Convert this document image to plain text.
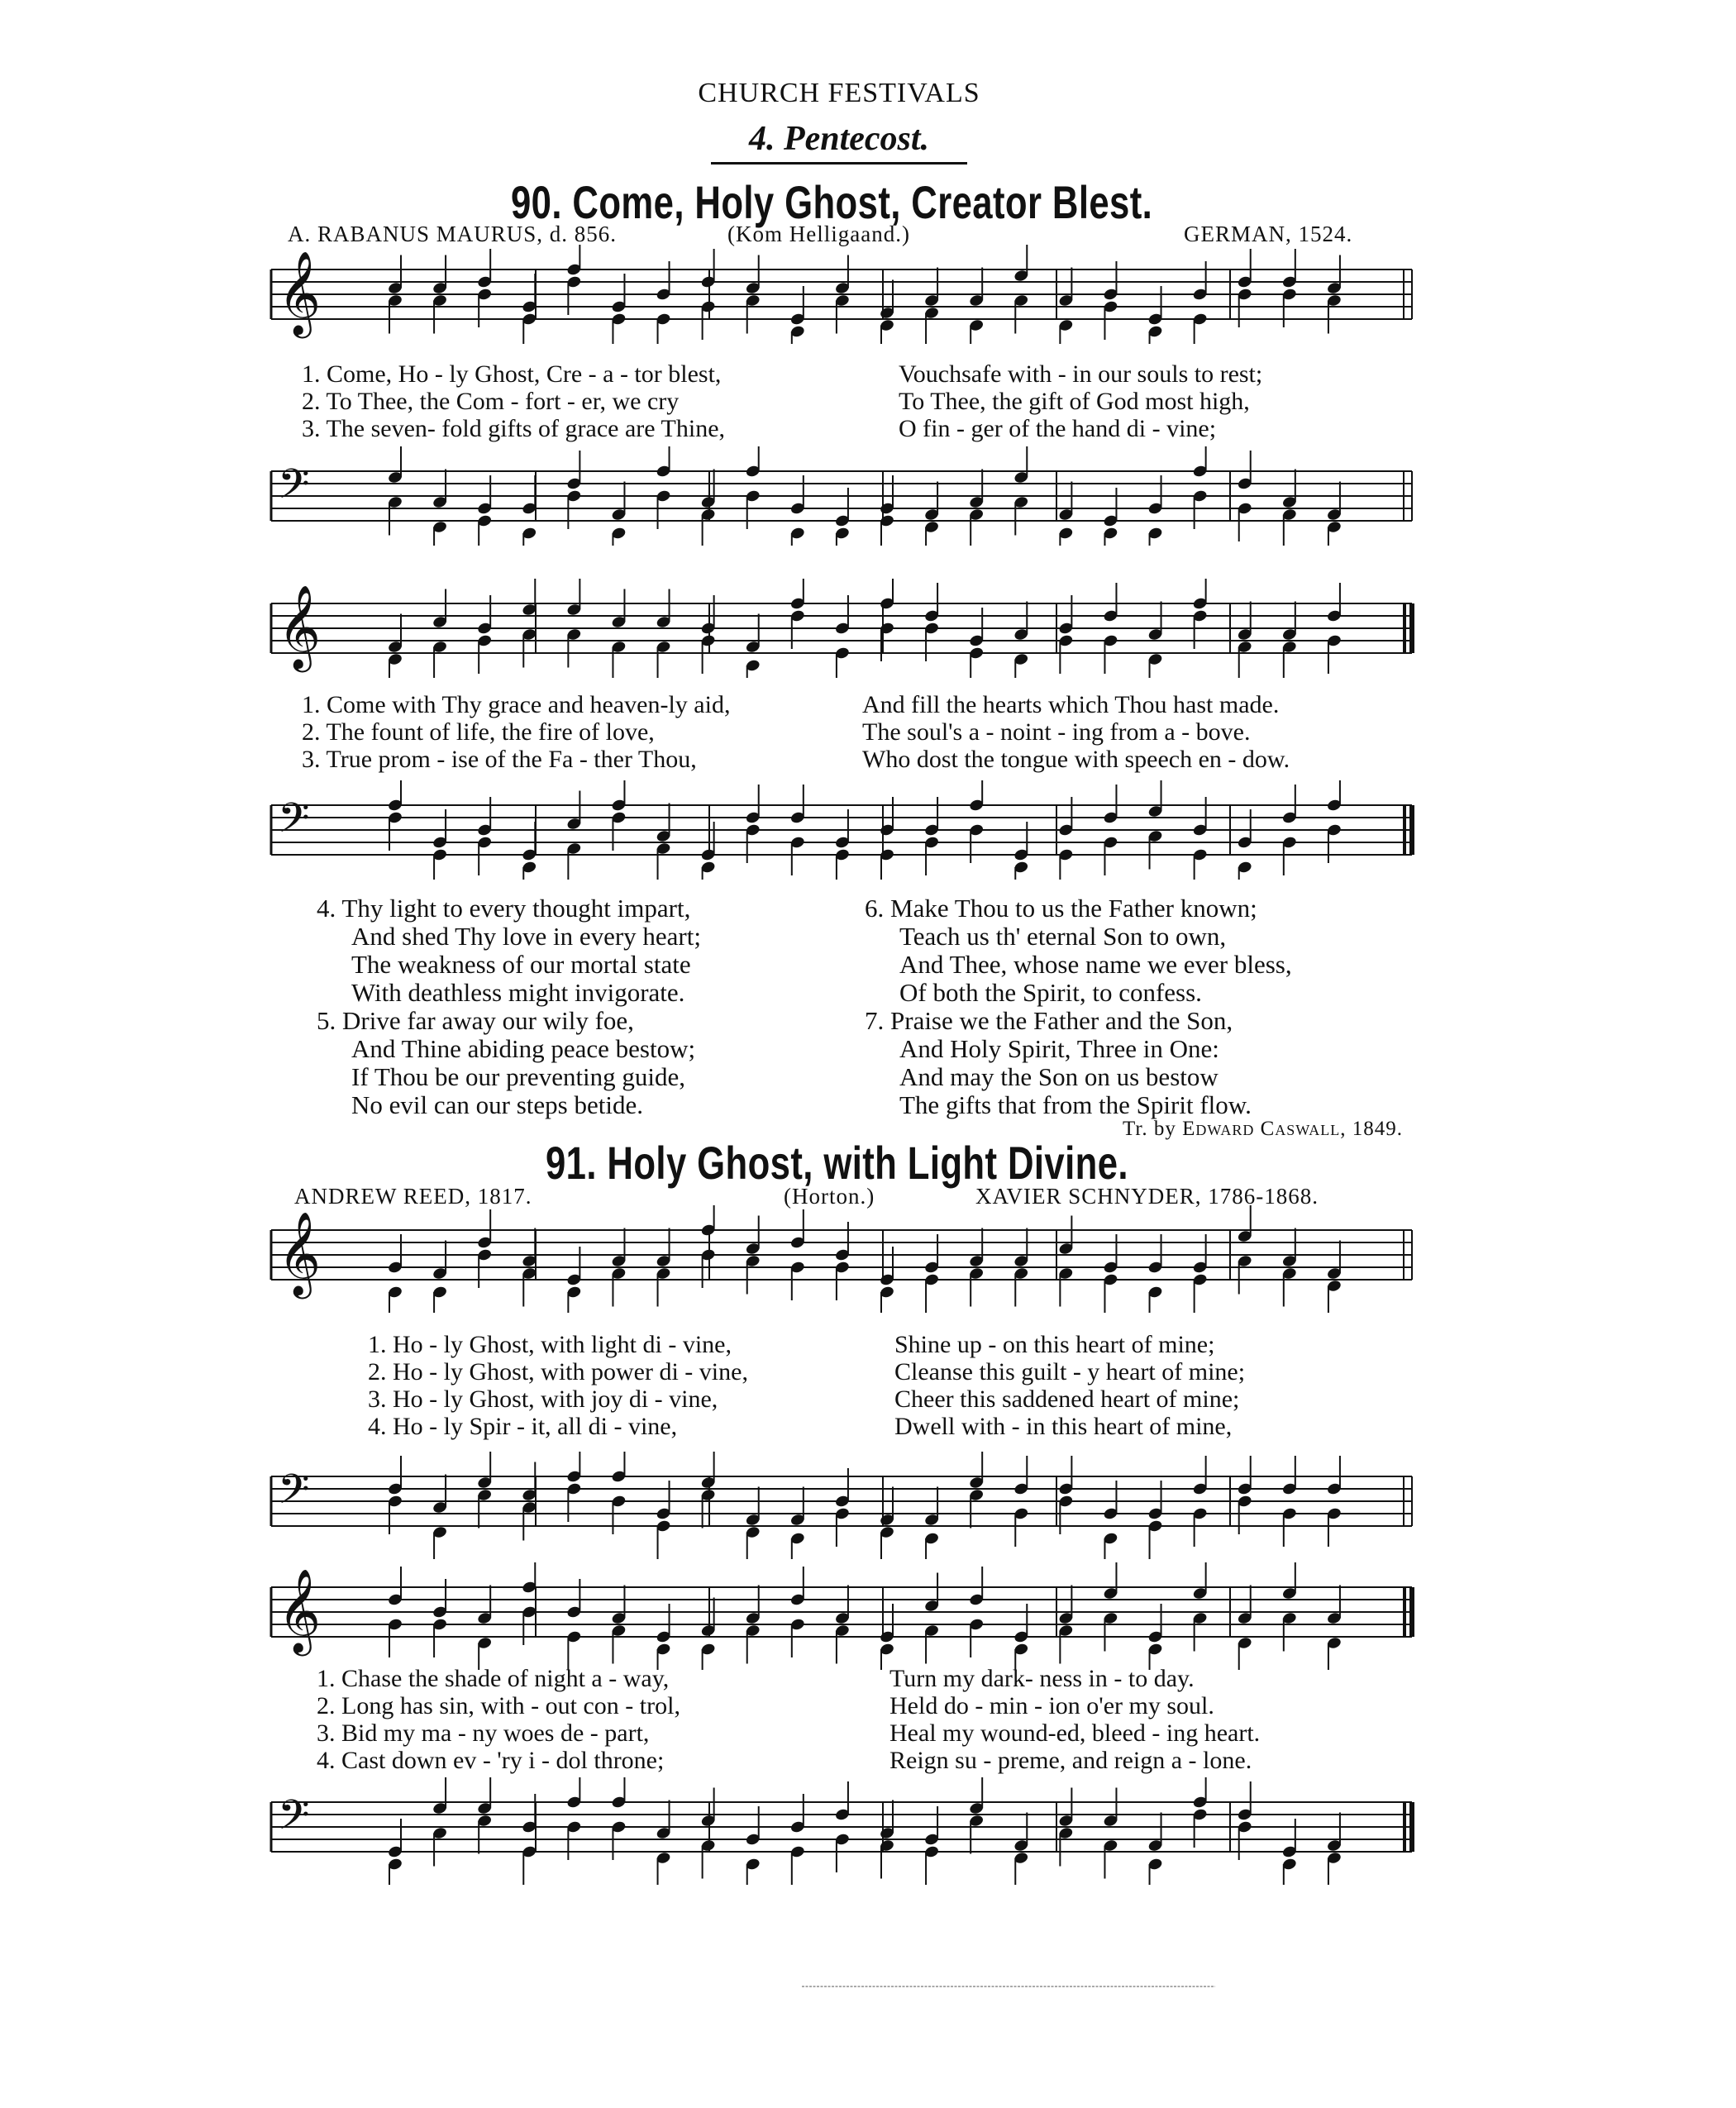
CHURCH FESTIVALS
4. Pentecost.
90. Come, Holy Ghost, Creator Blest.
A. RABANUS MAURUS, d. 856.	(Kom Helligaand.)	GERMAN, 1524.
𝄞
1. Come, Ho - ly Ghost, Cre - a - tor blest,	Vouchsafe with - in our souls to rest;
2. To Thee, the Com - fort - er, we cry	To Thee, the gift of God most high,
3. The seven- fold gifts of grace are Thine,	O fin - ger of the hand di - vine;
𝄢
𝄞
1. Come with Thy grace and heaven-ly aid,	And fill the hearts which Thou hast made.
2. The fount of life, the fire of love,	The soul's a - noint - ing from a - bove.
3. True prom - ise of the Fa - ther Thou,	Who dost the tongue with speech en - dow.
𝄢
4. Thy light to every thought impart,
And shed Thy love in every heart;
The weakness of our mortal state
With deathless might invigorate.
5. Drive far away our wily foe,
And Thine abiding peace bestow;
If Thou be our preventing guide,
No evil can our steps betide.
6. Make Thou to us the Father known;
Teach us th' eternal Son to own,
And Thee, whose name we ever bless,
Of both the Spirit, to confess.
7. Praise we the Father and the Son,
And Holy Spirit, Three in One:
And may the Son on us bestow
The gifts that from the Spirit flow.
Tr. by Edward Caswall, 1849.
91. Holy Ghost, with Light Divine.
ANDREW REED, 1817.	(Horton.)	XAVIER SCHNYDER, 1786-1868.
𝄞
1. Ho - ly Ghost, with light di - vine,	Shine up - on this heart of mine;
2. Ho - ly Ghost, with power di - vine,	Cleanse this guilt - y heart of mine;
3. Ho - ly Ghost, with joy di - vine,	Cheer this saddened heart of mine;
4. Ho - ly Spir - it, all di - vine,	Dwell with - in this heart of mine,
𝄢
𝄞
1. Chase the shade of night a - way,	Turn my dark- ness in - to day.
2. Long has sin, with - out con - trol,	Held do - min - ion o'er my soul.
3. Bid my ma - ny woes de - part,	Heal my wound-ed, bleed - ing heart.
4. Cast down ev - 'ry i - dol throne;	Reign su - preme, and reign a - lone.
𝄢
